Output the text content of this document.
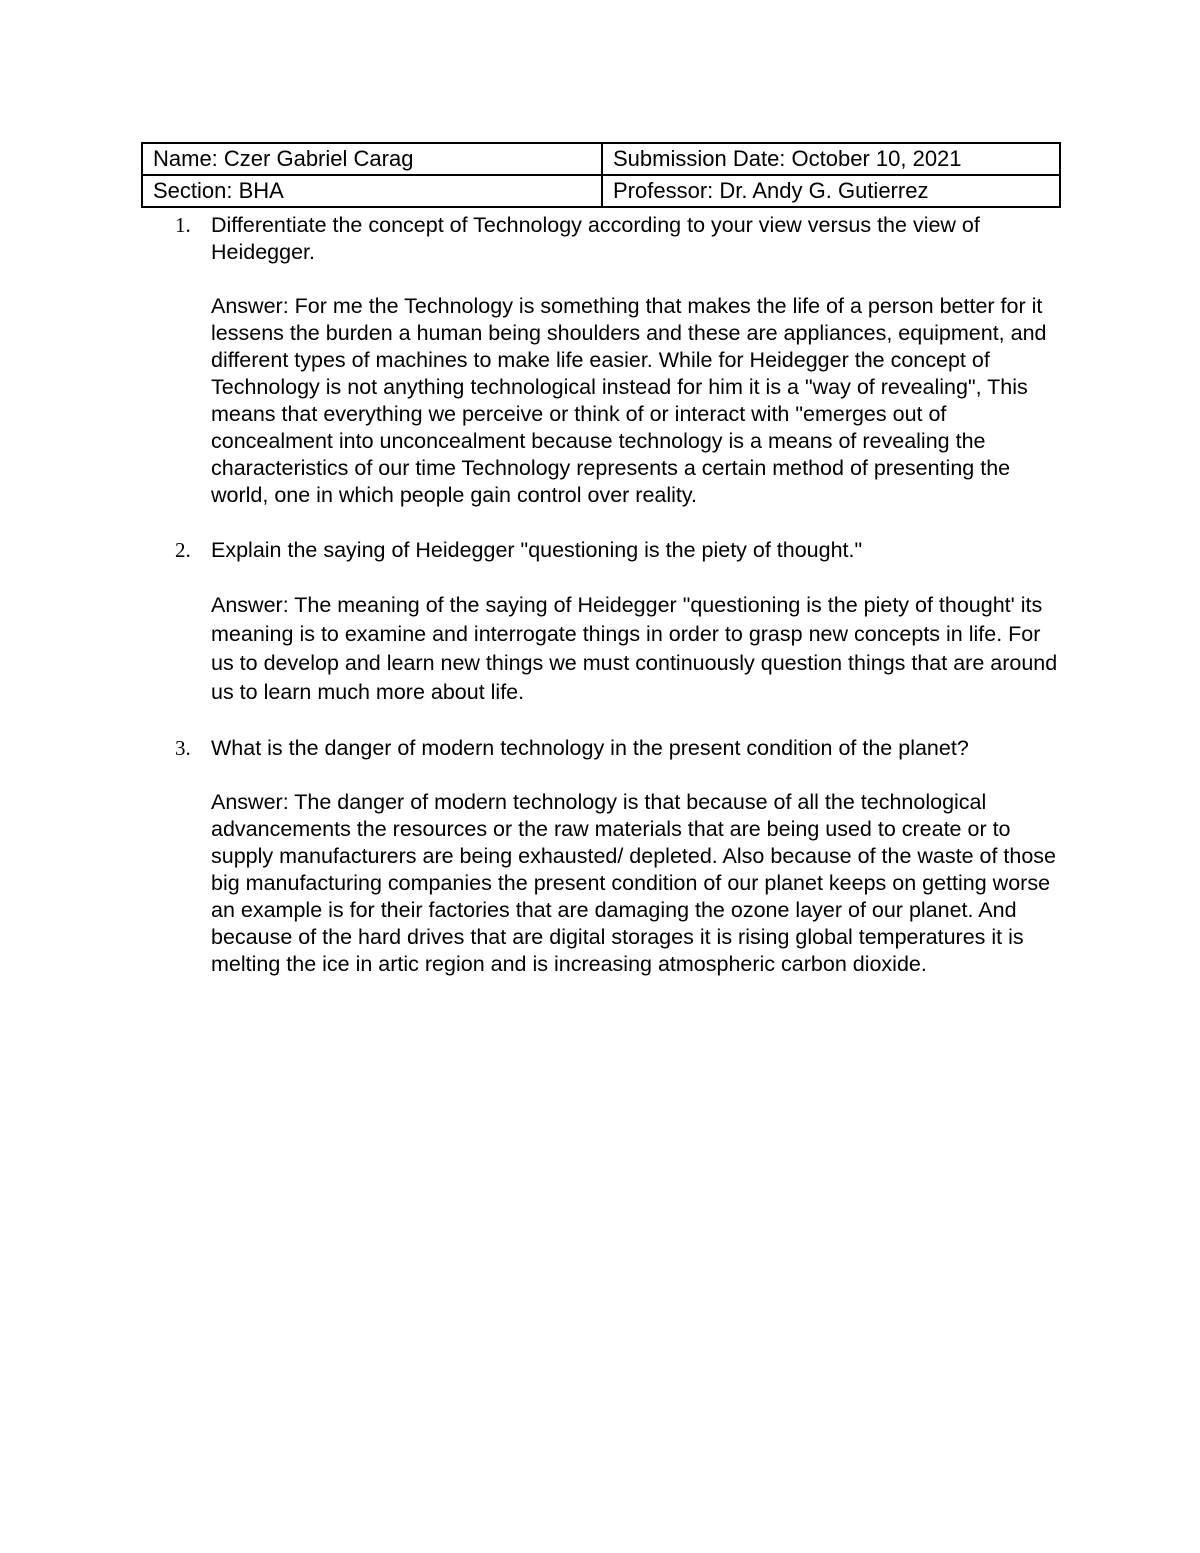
Name: Czer Gabriel Carag	Submission Date: October 10, 2021
Section: BHA	Professor: Dr. Andy G. Gutierrez
1. Differentiate the concept of Technology according to your view versus the view of Heidegger.

Answer: For me the Technology is something that makes the life of a person better for it lessens the burden a human being shoulders and these are appliances, equipment, and different types of machines to make life easier. While for Heidegger the concept of Technology is not anything technological instead for him it is a "way of revealing", This means that everything we perceive or think of or interact with "emerges out of concealment into unconcealment because technology is a means of revealing the characteristics of our time Technology represents a certain method of presenting the world, one in which people gain control over reality.

2. Explain the saying of Heidegger "questioning is the piety of thought."

Answer: The meaning of the saying of Heidegger "questioning is the piety of thought' its meaning is to examine and interrogate things in order to grasp new concepts in life. For us to develop and learn new things we must continuously question things that are around us to learn much more about life.

3. What is the danger of modern technology in the present condition of the planet?

Answer: The danger of modern technology is that because of all the technological advancements the resources or the raw materials that are being used to create or to supply manufacturers are being exhausted/ depleted. Also because of the waste of those big manufacturing companies the present condition of our planet keeps on getting worse an example is for their factories that are damaging the ozone layer of our planet. And because of the hard drives that are digital storages it is rising global temperatures it is melting the ice in artic region and is increasing atmospheric carbon dioxide.
